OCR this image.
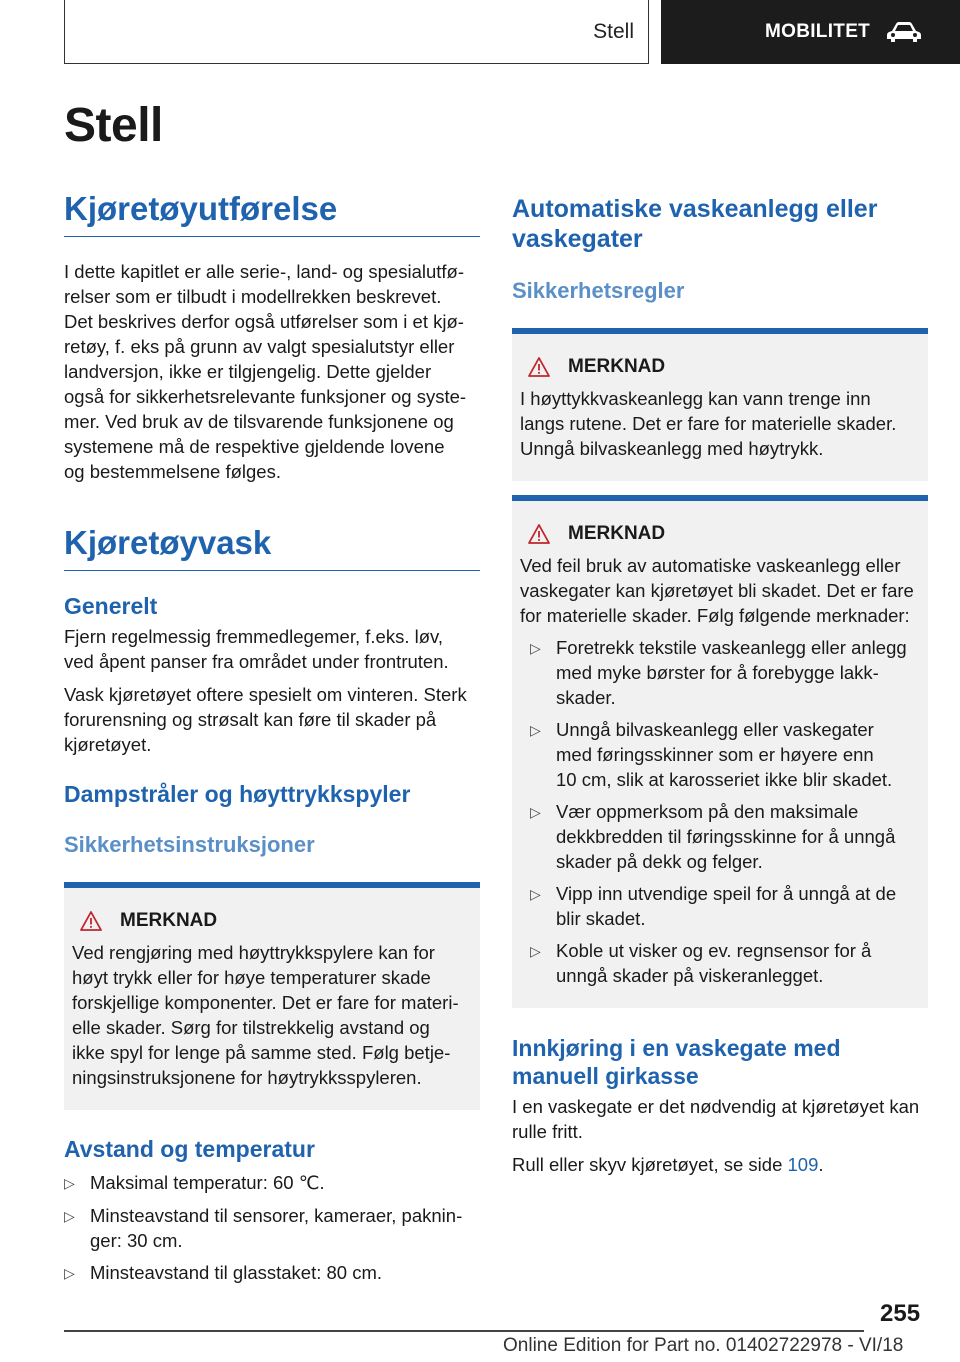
Stell	MOBILITET
Stell
Kjøretøyutførelse

I dette kapitlet er alle serie-, land- og spesialutfø-
relser som er tilbudt i modellrekken beskrevet.
Det beskrives derfor også utførelser som i et kjø-
retøy, f. eks på grunn av valgt spesialutstyr eller
landversjon, ikke er tilgjengelig. Dette gjelder
også for sikkerhetsrelevante funksjoner og syste-
mer. Ved bruk av de tilsvarende funksjonene og
systemene må de respektive gjeldende lovene
og bestemmelsene følges.

Kjøretøyvask
Generelt

Fjern regelmessig fremmedlegemer, f.eks. løv,
ved åpent panser fra området under frontruten.

Vask kjøretøyet oftere spesielt om vinteren. Sterk
forurensning og strøsalt kan føre til skader på
kjøretøyet.

Dampstråler og høyttrykkspyler
Sikkerhetsinstruksjoner
MERKNAD

Ved rengjøring med høyttrykkspylere kan for
høyt trykk eller for høye temperaturer skade
forskjellige komponenter. Det er fare for materi-
elle skader. Sørg for tilstrekkelig avstand og
ikke spyl for lenge på samme sted. Følg betje-
ningsinstruksjonene for høytrykksspyleren.

Avstand og temperatur
▷ Maksimal temperatur: 60 ℃.

▷ Minsteavstand til sensorer, kameraer, paknin-
ger: 30 cm.

▷ Minsteavstand til glasstaket: 80 cm.

Automatiske vaskeanlegg eller
vaskegater
Sikkerhetsregler
MERKNAD

I høyttykkvaskeanlegg kan vann trenge inn
langs rutene. Det er fare for materielle skader.
Unngå bilvaskeanlegg med høytrykk.

MERKNAD

Ved feil bruk av automatiske vaskeanlegg eller
vaskegater kan kjøretøyet bli skadet. Det er fare
for materielle skader. Følg følgende merknader:

▷ Foretrekk tekstile vaskeanlegg eller anlegg
med myke børster for å forebygge lakk-
skader.

▷ Unngå bilvaskeanlegg eller vaskegater
med føringsskinner som er høyere enn
10 cm, slik at karosseriet ikke blir skadet.

▷ Vær oppmerksom på den maksimale
dekkbredden til føringsskinne for å unngå
skader på dekk og felger.

▷ Vipp inn utvendige speil for å unngå at de
blir skadet.

▷ Koble ut visker og ev. regnsensor for å
unngå skader på viskeranlegget.

Innkjøring i en vaskegate med
manuell girkasse

I en vaskegate er det nødvendig at kjøretøyet kan
rulle fritt.

Rull eller skyv kjøretøyet, se side 109.

255
Online Edition for Part no. 01402722978 - VI/18
